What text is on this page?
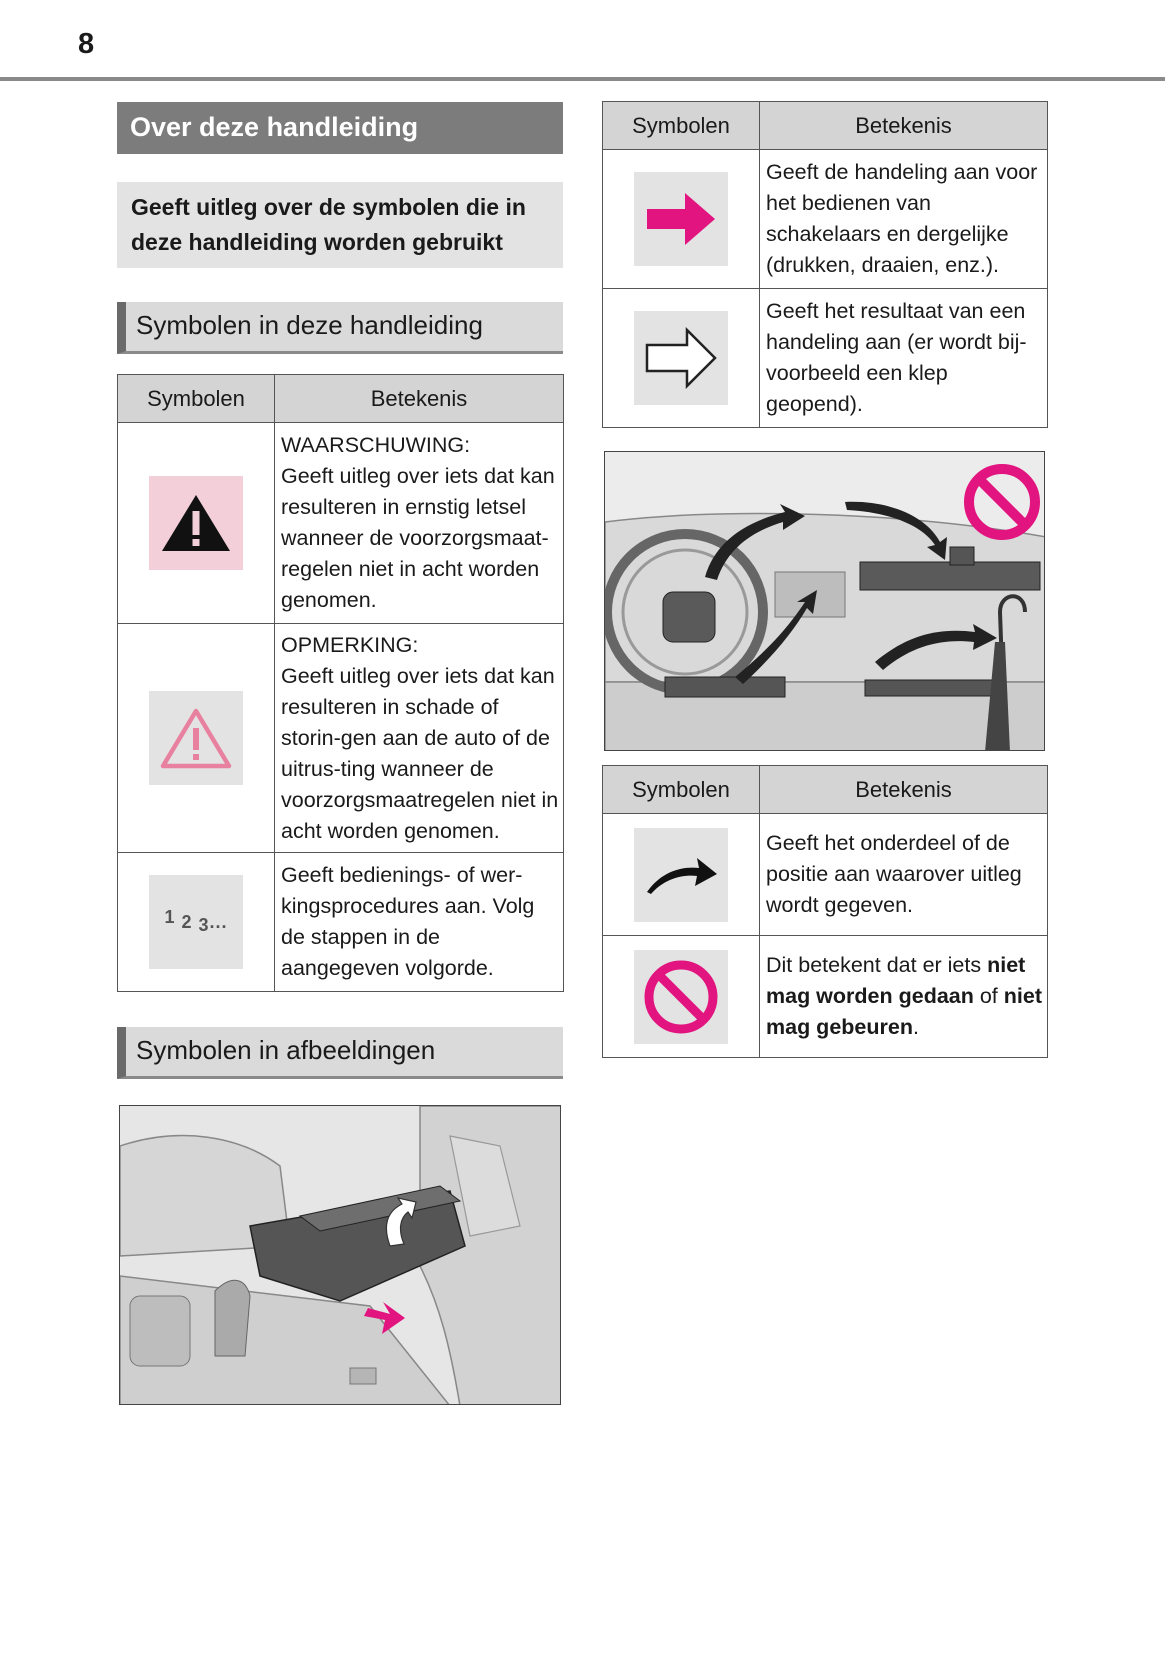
8
Over deze handleiding
Geeft uitleg over de symbolen die in deze handleiding worden gebruikt
Symbolen in deze handleiding
Symbolen	Betekenis

WAARSCHUWING:
Geeft uitleg over iets dat kan resulteren in ernstig letsel wanneer de voorzorgsmaat-regelen niet in acht worden genomen.

OPMERKING:
Geeft uitleg over iets dat kan resulteren in schade of storin-gen aan de auto of de uitrus-ting wanneer de voorzorgsmaatregelen niet in acht worden genomen.

1 2 3...	Geeft bedienings- of wer-kingsprocedures aan. Volg de stappen in de aangegeven volgorde.
Symbolen in afbeeldingen
Symbolen	Betekenis

Geeft de handeling aan voor het bedienen van schakelaars en dergelijke (drukken, draaien, enz.).

Geeft het resultaat van een handeling aan (er wordt bij-voorbeeld een klep geopend).
Symbolen	Betekenis

Geeft het onderdeel of de positie aan waarover uitleg wordt gegeven.

Dit betekent dat er iets niet mag worden gedaan of niet mag gebeuren.
